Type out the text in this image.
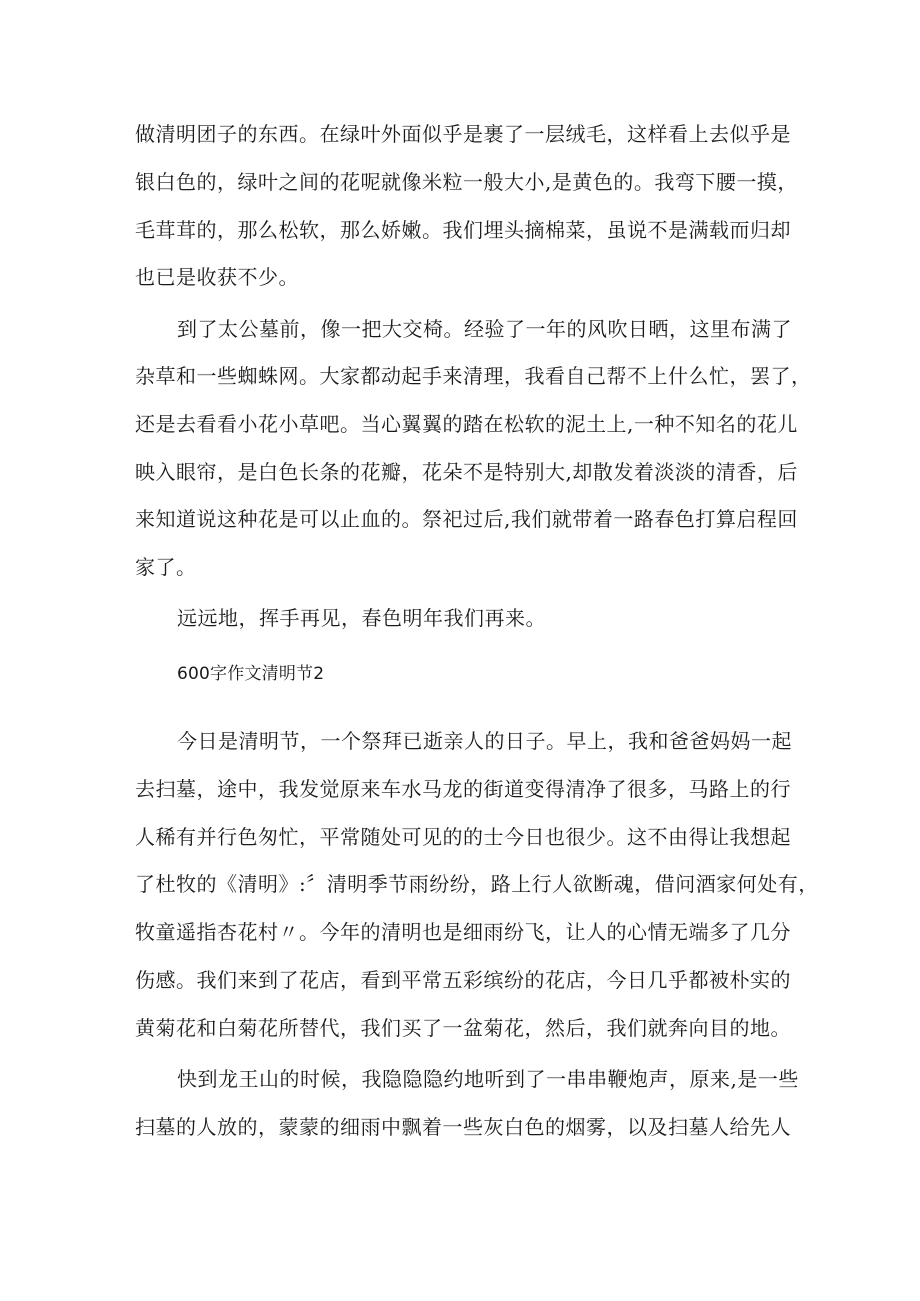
做清明团子的东西。在绿叶外面似乎是裹了一层绒毛，这样看上去似乎是
银白色的，绿叶之间的花呢就像米粒一般大小,是黄色的。我弯下腰一摸，
毛茸茸的，那么松软，那么娇嫩。我们埋头摘棉菜，虽说不是满载而归却
也已是收获不少。
到了太公墓前，像一把大交椅。经验了一年的风吹日晒，这里布满了
杂草和一些蜘蛛网。大家都动起手来清理，我看自己帮不上什么忙，罢了，
还是去看看小花小草吧。当心翼翼的踏在松软的泥土上,一种不知名的花儿
映入眼帘，是白色长条的花瓣，花朵不是特别大,却散发着淡淡的清香，后
来知道说这种花是可以止血的。祭祀过后,我们就带着一路春色打算启程回
家了。
远远地，挥手再见，春色明年我们再来。
600字作文清明节2
今日是清明节，一个祭拜已逝亲人的日子。早上，我和爸爸妈妈一起
去扫墓，途中，我发觉原来车水马龙的街道变得清净了很多，马路上的行
人稀有并行色匆忙，平常随处可见的的士今日也很少。这不由得让我想起
了杜牧的《清明》:〞清明季节雨纷纷，路上行人欲断魂，借问酒家何处有，
牧童遥指杏花村〃。今年的清明也是细雨纷飞，让人的心情无端多了几分
伤感。我们来到了花店，看到平常五彩缤纷的花店，今日几乎都被朴实的
黄菊花和白菊花所替代，我们买了一盆菊花，然后，我们就奔向目的地。
快到龙王山的时候，我隐隐隐约地听到了一串串鞭炮声，原来,是一些
扫墓的人放的，蒙蒙的细雨中飘着一些灰白色的烟雾，以及扫墓人给先人
